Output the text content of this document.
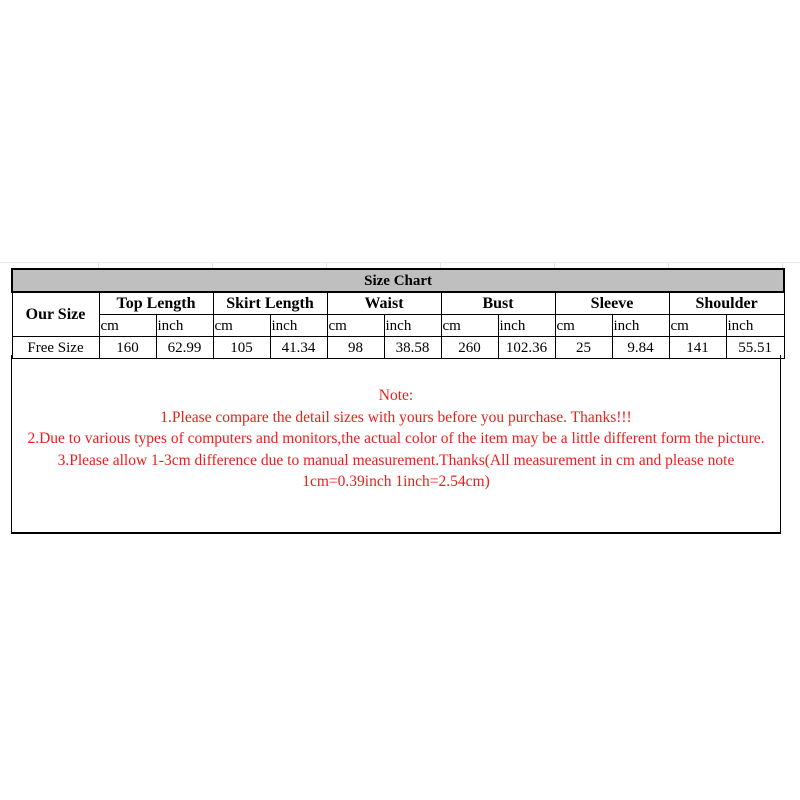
Size Chart												
Our Size	Top Length		Skirt Length		Waist		Bust		Sleeve		Shoulder	
	cm	inch	cm	inch	cm	inch	cm	inch	cm	inch	cm	inch
Free Size	160	62.99	105	41.34	98	38.58	260	102.36	25	9.84	141	55.51
Note:
1.Please compare the detail sizes with yours before you purchase. Thanks!!!
2.Due to various types of computers and monitors,the actual color of the item may be a little different form the picture.
3.Please allow 1-3cm difference due to manual measurement.Thanks(All measurement in cm and please note 1cm=0.39inch 1inch=2.54cm)
